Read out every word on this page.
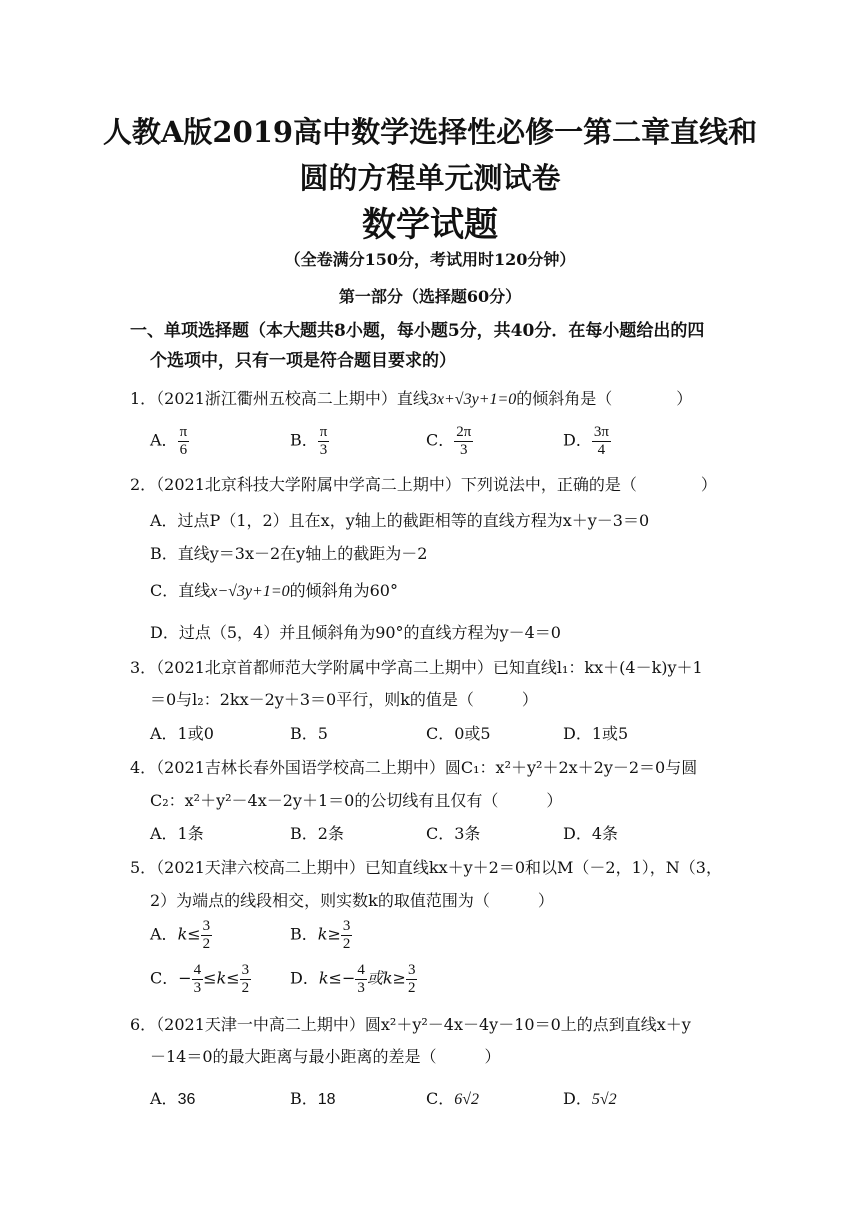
人教A版2019高中数学选择性必修一第二章直线和
圆的方程单元测试卷
数学试题
（全卷满分150分，考试用时120分钟）
第一部分（选择题60分）
一、单项选择题（本大题共8小题，每小题5分，共40分．在每小题给出的四
个选项中，只有一项是符合题目要求的）
1．（2021浙江衢州五校高二上期中）直线3x+√3y+1=0的倾斜角是（　　　　）
A． $\frac{\pi}{6}$	B． $\frac{\pi}{3}$	C． $\frac{2\pi}{3}$	D． $\frac{3\pi}{4}$
2．（2021北京科技大学附属中学高二上期中）下列说法中，正确的是（　　　　）
A．过点P（1，2）且在x，y轴上的截距相等的直线方程为x＋y－3＝0
B．直线y＝3x－2在y轴上的截距为－2
C．直线x−√3y+1=0的倾斜角为60°
D．过点（5，4）并且倾斜角为90°的直线方程为y－4＝0
3．（2021北京首都师范大学附属中学高二上期中）已知直线l₁：kx＋(4－k)y＋1
＝0与l₂：2kx－2y＋3＝0平行，则k的值是（　　　）
A．1或0	B．5	C．0或5	D．1或5
4．（2021吉林长春外国语学校高二上期中）圆C₁：x²＋y²＋2x＋2y－2＝0与圆
C₂：x²＋y²－4x－2y＋1＝0的公切线有且仅有（　　　）
A．1条	B．2条	C．3条	D．4条
5．（2021天津六校高二上期中）已知直线kx＋y＋2＝0和以M（－2，1），N（3，
2）为端点的线段相交，则实数k的取值范围为（　　　）
A．$k\le \frac{3}{2}$	B．$k\ge \frac{3}{2}$
C．− $\frac{4}{3} \le k\le \frac{3}{2}$ D．$k\le- \frac{4}{3}$ 或$k\ge \frac{3}{2}$
6．（2021天津一中高二上期中）圆x²＋y²－4x－4y－10＝0上的点到直线x＋y
－14＝0的最大距离与最小距离的差是（　　　）
A．36	B．18	C．6√2	D．5√2
